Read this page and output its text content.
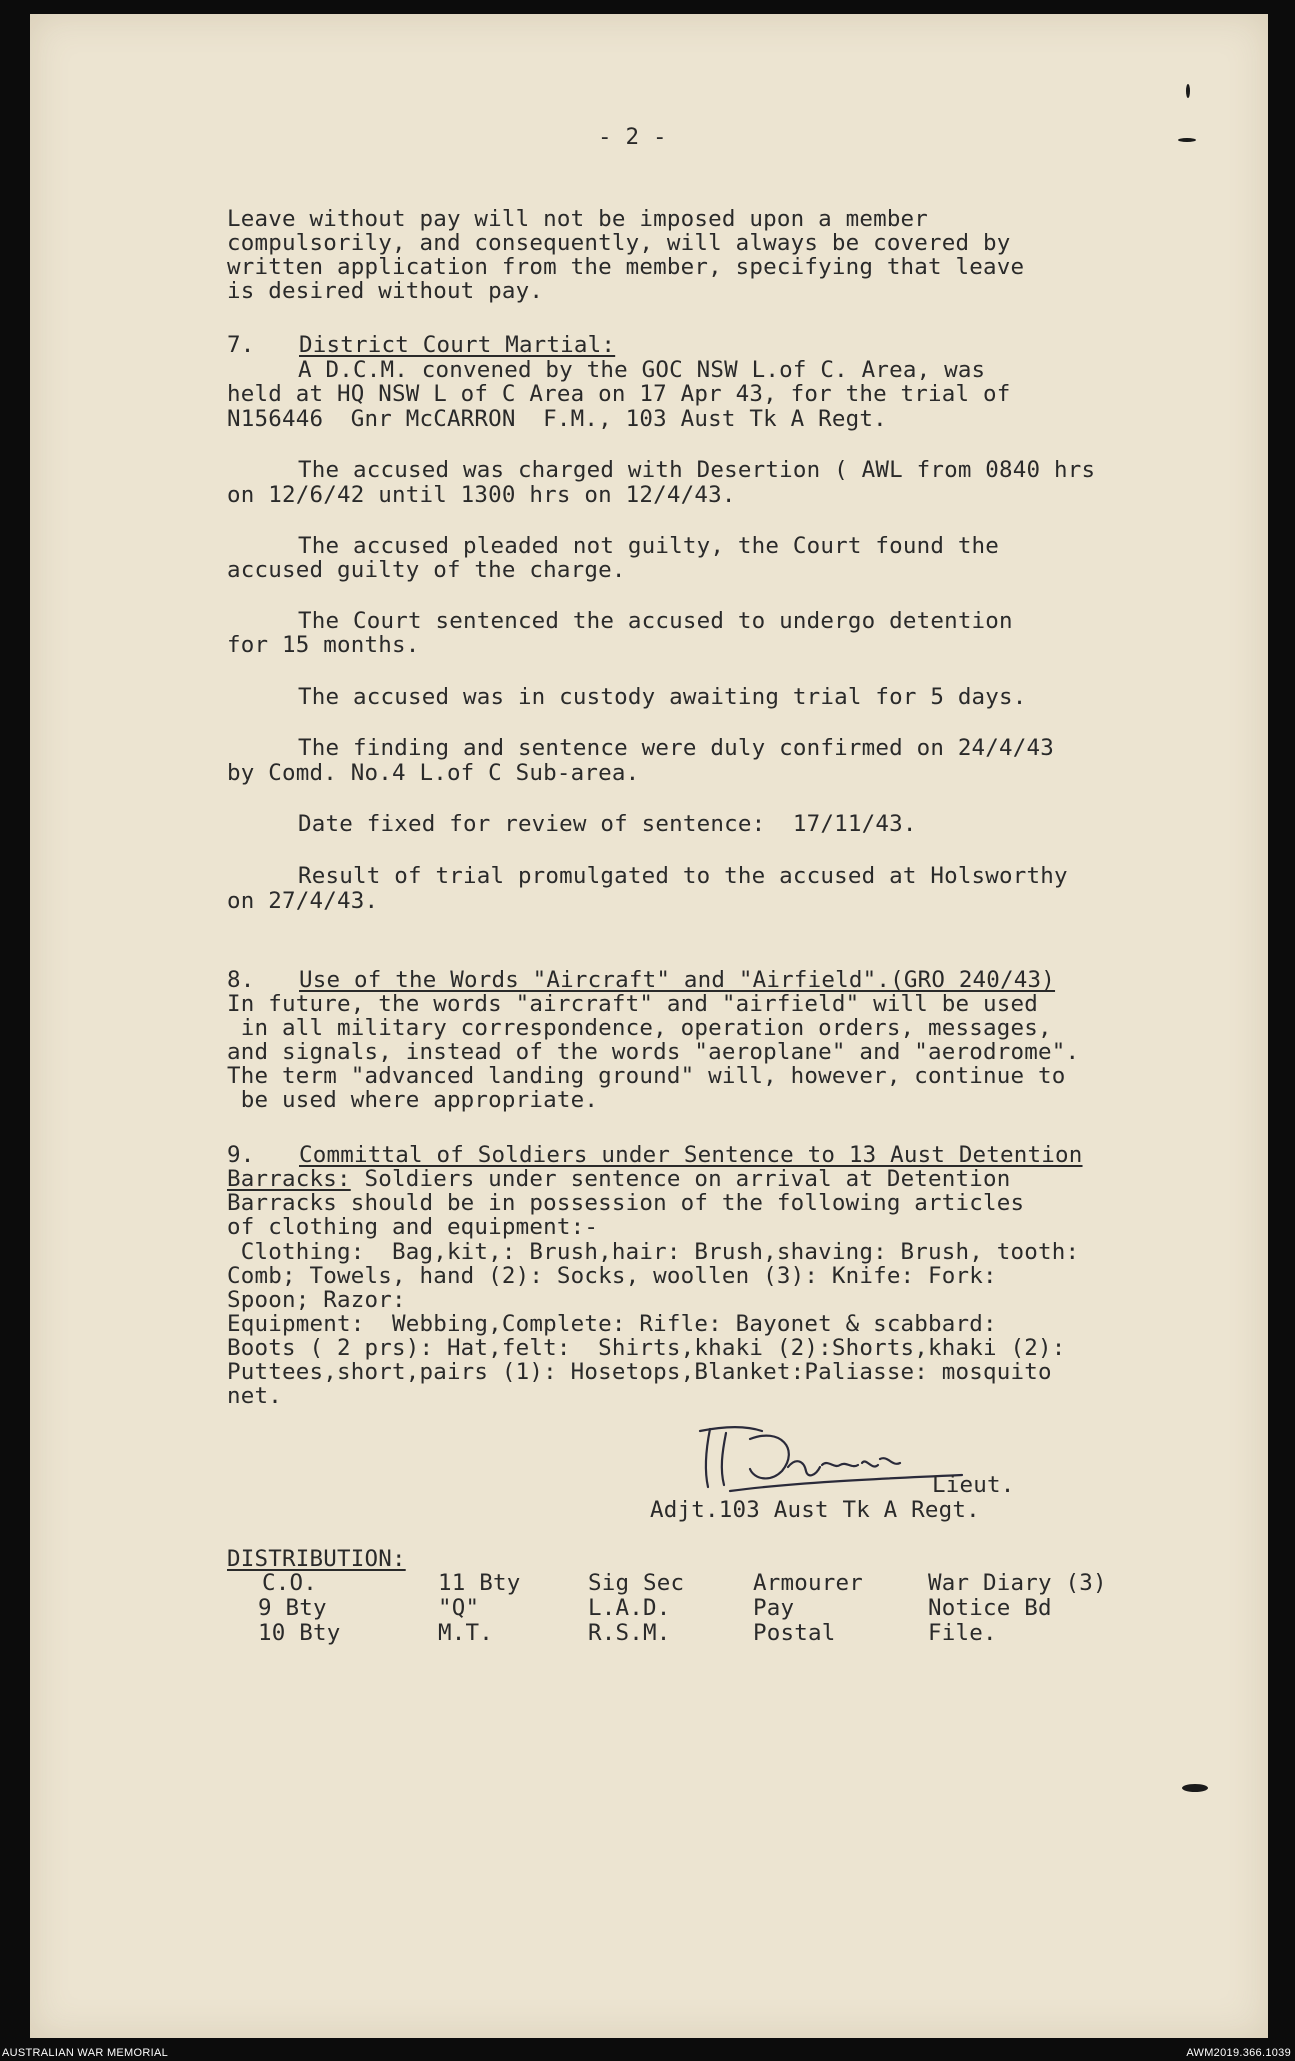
- 2 -
Leave without pay will not be imposed upon a member
compulsorily, and consequently, will always be covered by
written application from the member, specifying that leave
is desired without pay.
7. District Court Martial:
A D.C.M. convened by the GOC NSW L.of C. Area, was
held at HQ NSW L of C Area on 17 Apr 43, for the trial of
N156446  Gnr McCARRON  F.M., 103 Aust Tk A Regt.
The accused was charged with Desertion ( AWL from 0840 hrs
on 12/6/42 until 1300 hrs on 12/4/43.
The accused pleaded not guilty, the Court found the
accused guilty of the charge.
The Court sentenced the accused to undergo detention
for 15 months.
The accused was in custody awaiting trial for 5 days.
The finding and sentence were duly confirmed on 24/4/43
by Comd. No.4 L.of C Sub-area.
Date fixed for review of sentence:  17/11/43.
Result of trial promulgated to the accused at Holsworthy
on 27/4/43.
8. Use of the Words "Aircraft" and "Airfield".(GRO 240/43)
In future, the words "aircraft" and "airfield" will be used
in all military correspondence, operation orders, messages,
and signals, instead of the words "aeroplane" and "aerodrome".
The term "advanced landing ground" will, however, continue to
be used where appropriate.
9. Committal of Soldiers under Sentence to 13 Aust Detention
Barracks: Soldiers under sentence on arrival at Detention
Barracks should be in possession of the following articles
of clothing and equipment:-
Clothing:  Bag,kit,: Brush,hair: Brush,shaving: Brush, tooth:
Comb; Towels, hand (2): Socks, woollen (3): Knife: Fork:
Spoon; Razor:
Equipment:  Webbing,Complete: Rifle: Bayonet & scabbard:
Boots ( 2 prs): Hat,felt:  Shirts,khaki (2):Shorts,khaki (2):
Puttees,short,pairs (1): Hosetops,Blanket:Paliasse: mosquito
net.
Lieut.
Adjt.103 Aust Tk A Regt.
DISTRIBUTION:
C.O.
9 Bty
10 Bty
11 Bty
"Q"
M.T.
Sig Sec
L.A.D.
R.S.M.
Armourer
Pay
Postal
War Diary (3)
Notice Bd
File.
AUSTRALIAN WAR MEMORIAL	AWM2019.366.1039
